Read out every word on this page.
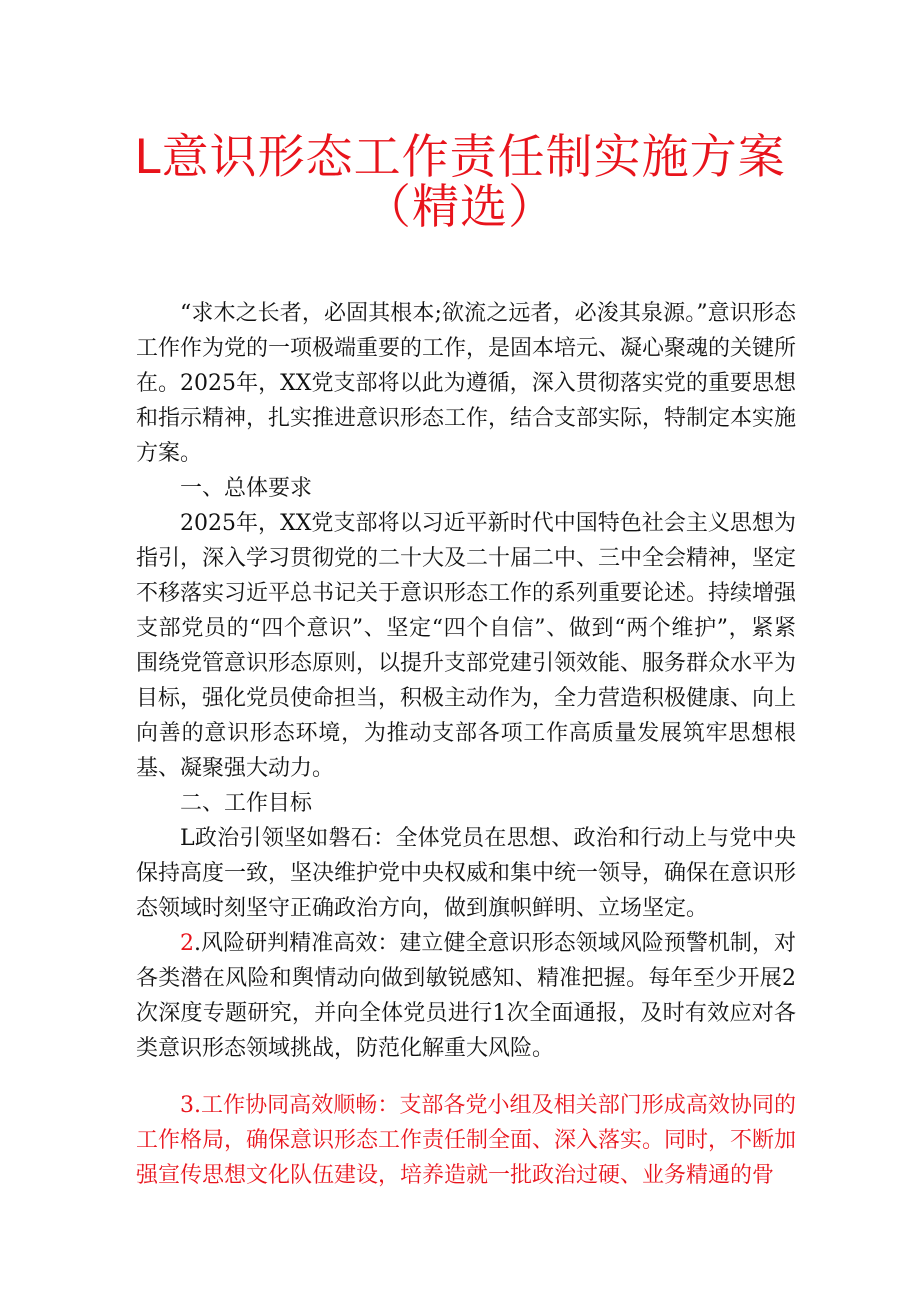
L意识形态工作责任制实施方案
（精选）

“求木之长者，必固其根本;欲流之远者，必浚其泉源。”意识形态工作作为党的一项极端重要的工作，是固本培元、凝心聚魂的关键所在。2025年，XX党支部将以此为遵循，深入贯彻落实党的重要思想和指示精神，扎实推进意识形态工作，结合支部实际，特制定本实施方案。

一、总体要求

2025年，XX党支部将以习近平新时代中国特色社会主义思想为指引，深入学习贯彻党的二十大及二十届二中、三中全会精神，坚定不移落实习近平总书记关于意识形态工作的系列重要论述。持续增强支部党员的“四个意识”、坚定“四个自信”、做到“两个维护”，紧紧围绕党管意识形态原则，以提升支部党建引领效能、服务群众水平为目标，强化党员使命担当，积极主动作为，全力营造积极健康、向上向善的意识形态环境，为推动支部各项工作高质量发展筑牢思想根基、凝聚强大动力。

二、工作目标

L政治引领坚如磐石：全体党员在思想、政治和行动上与党中央保持高度一致，坚决维护党中央权威和集中统一领导，确保在意识形态领域时刻坚守正确政治方向，做到旗帜鲜明、立场坚定。

2.风险研判精准高效：建立健全意识形态领域风险预警机制，对各类潜在风险和舆情动向做到敏锐感知、精准把握。每年至少开展2次深度专题研究，并向全体党员进行1次全面通报，及时有效应对各类意识形态领域挑战，防范化解重大风险。

3.工作协同高效顺畅：支部各党小组及相关部门形成高效协同的工作格局，确保意识形态工作责任制全面、深入落实。同时，不断加强宣传思想文化队伍建设，培养造就一批政治过硬、业务精通的骨
